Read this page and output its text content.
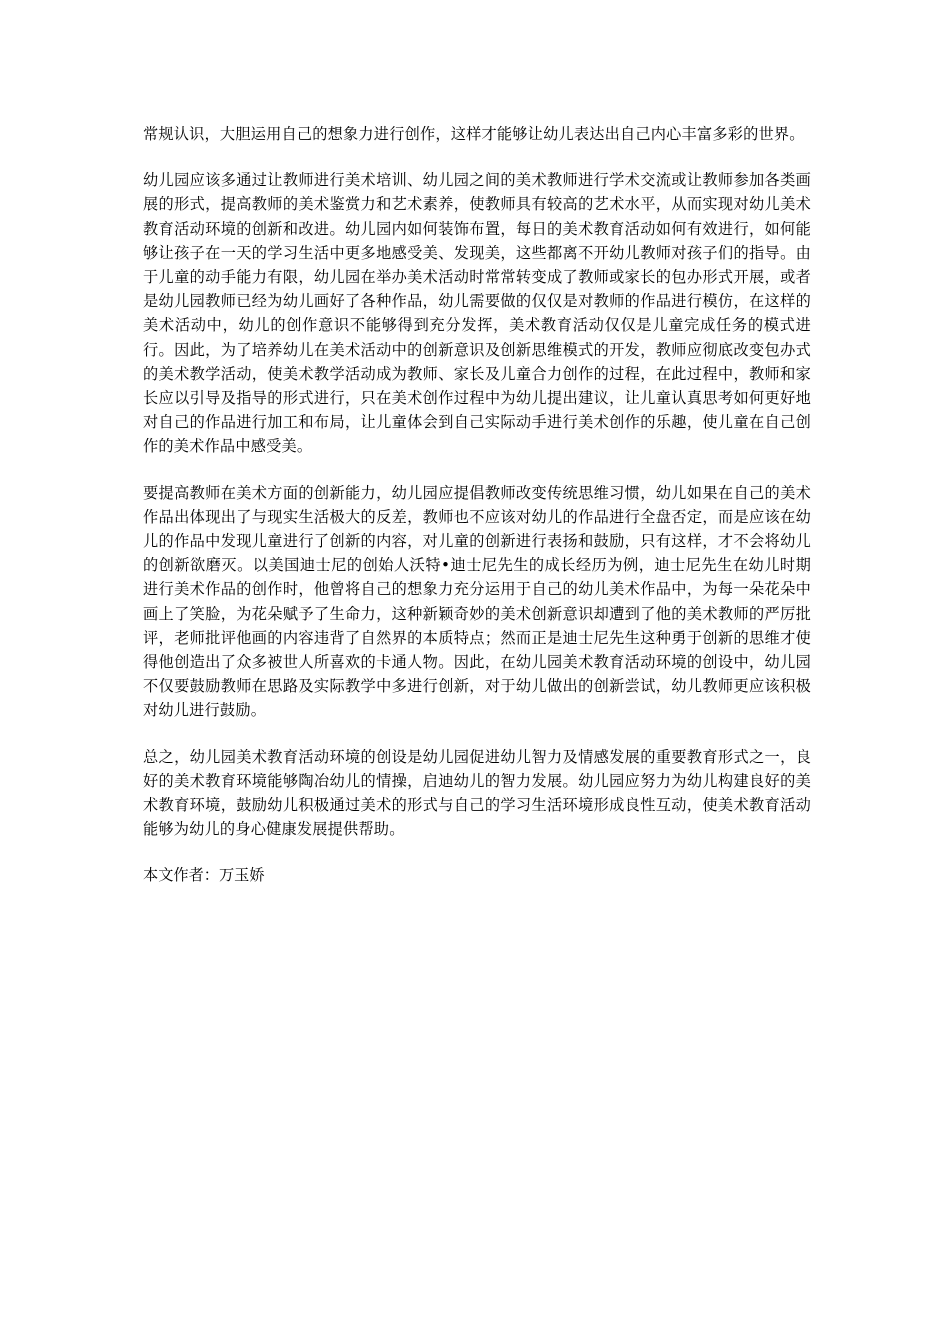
常规认识，大胆运用自己的想象力进行创作，这样才能够让幼儿表达出自己内心丰富多彩的世界。

幼儿园应该多通过让教师进行美术培训、幼儿园之间的美术教师进行学术交流或让教师参加各类画展的形式，提高教师的美术鉴赏力和艺术素养，使教师具有较高的艺术水平，从而实现对幼儿美术教育活动环境的创新和改进。幼儿园内如何装饰布置，每日的美术教育活动如何有效进行，如何能够让孩子在一天的学习生活中更多地感受美、发现美，这些都离不开幼儿教师对孩子们的指导。由于儿童的动手能力有限，幼儿园在举办美术活动时常常转变成了教师或家长的包办形式开展，或者是幼儿园教师已经为幼儿画好了各种作品，幼儿需要做的仅仅是对教师的作品进行模仿，在这样的美术活动中，幼儿的创作意识不能够得到充分发挥，美术教育活动仅仅是儿童完成任务的模式进行。因此，为了培养幼儿在美术活动中的创新意识及创新思维模式的开发，教师应彻底改变包办式的美术教学活动，使美术教学活动成为教师、家长及儿童合力创作的过程，在此过程中，教师和家长应以引导及指导的形式进行，只在美术创作过程中为幼儿提出建议，让儿童认真思考如何更好地对自己的作品进行加工和布局，让儿童体会到自己实际动手进行美术创作的乐趣，使儿童在自己创作的美术作品中感受美。

要提高教师在美术方面的创新能力，幼儿园应提倡教师改变传统思维习惯，幼儿如果在自己的美术作品出体现出了与现实生活极大的反差，教师也不应该对幼儿的作品进行全盘否定，而是应该在幼儿的作品中发现儿童进行了创新的内容，对儿童的创新进行表扬和鼓励，只有这样，才不会将幼儿的创新欲磨灭。以美国迪士尼的创始人沃特•迪士尼先生的成长经历为例，迪士尼先生在幼儿时期进行美术作品的创作时，他曾将自己的想象力充分运用于自己的幼儿美术作品中，为每一朵花朵中画上了笑脸，为花朵赋予了生命力，这种新颖奇妙的美术创新意识却遭到了他的美术教师的严厉批评，老师批评他画的内容违背了自然界的本质特点；然而正是迪士尼先生这种勇于创新的思维才使得他创造出了众多被世人所喜欢的卡通人物。因此，在幼儿园美术教育活动环境的创设中，幼儿园不仅要鼓励教师在思路及实际教学中多进行创新，对于幼儿做出的创新尝试，幼儿教师更应该积极对幼儿进行鼓励。

总之，幼儿园美术教育活动环境的创设是幼儿园促进幼儿智力及情感发展的重要教育形式之一，良好的美术教育环境能够陶冶幼儿的情操，启迪幼儿的智力发展。幼儿园应努力为幼儿构建良好的美术教育环境，鼓励幼儿积极通过美术的形式与自己的学习生活环境形成良性互动，使美术教育活动能够为幼儿的身心健康发展提供帮助。

本文作者：万玉娇
